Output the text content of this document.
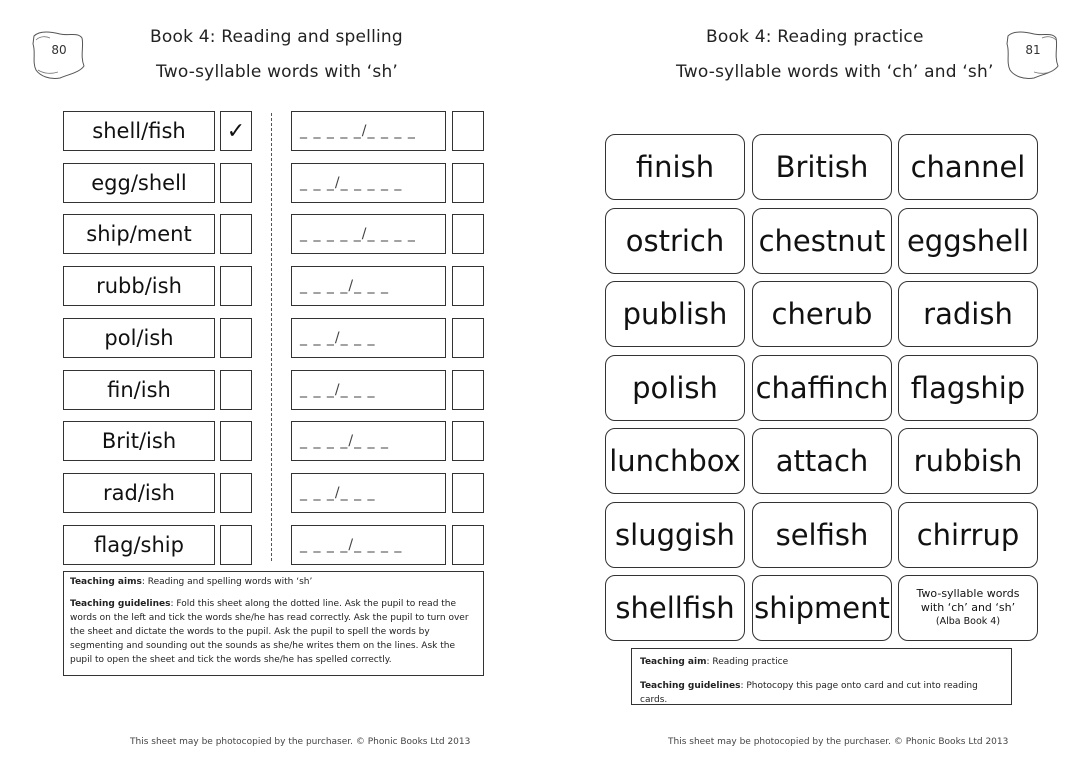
80
Book 4: Reading and spelling
Two-syllable words with ‘sh’
shell/fish	✓	_ _ _ _ _/_ _ _ _
egg/shell	_ _ _/_ _ _ _ _
ship/ment	_ _ _ _ _/_ _ _ _
rubb/ish	_ _ _ _/_ _ _
pol/ish	_ _ _/_ _ _
fin/ish	_ _ _/_ _ _
Brit/ish	_ _ _ _/_ _ _
rad/ish	_ _ _/_ _ _
flag/ship	_ _ _ _/_ _ _ _

Teaching aims: Reading and spelling words with ‘sh’

Teaching guidelines: Fold this sheet along the dotted line. Ask the pupil to read the words on the left and tick the words she/he has read correctly. Ask the pupil to turn over the sheet and dictate the words to the pupil. Ask the pupil to spell the words by segmenting and sounding out the sounds as she/he writes them on the lines. Ask the pupil to open the sheet and tick the words she/he has spelled correctly.

This sheet may be photocopied by the purchaser. © Phonic Books Ltd 2013
Book 4: Reading practice
Two-syllable words with ‘ch’ and ‘sh’
81
finish	British	channel
ostrich	chestnut eggshell
publish	cherub	radish
polish	chaffinch flagship
lunchbox	attach	rubbish
sluggish	selfish	chirrup
shellfish shipment Two-syllable words
with ‘ch’ and ‘sh’
(Alba Book 4)

Teaching aim: Reading practice

Teaching guidelines: Photocopy this page onto card and cut into reading cards.

This sheet may be photocopied by the purchaser. © Phonic Books Ltd 2013
